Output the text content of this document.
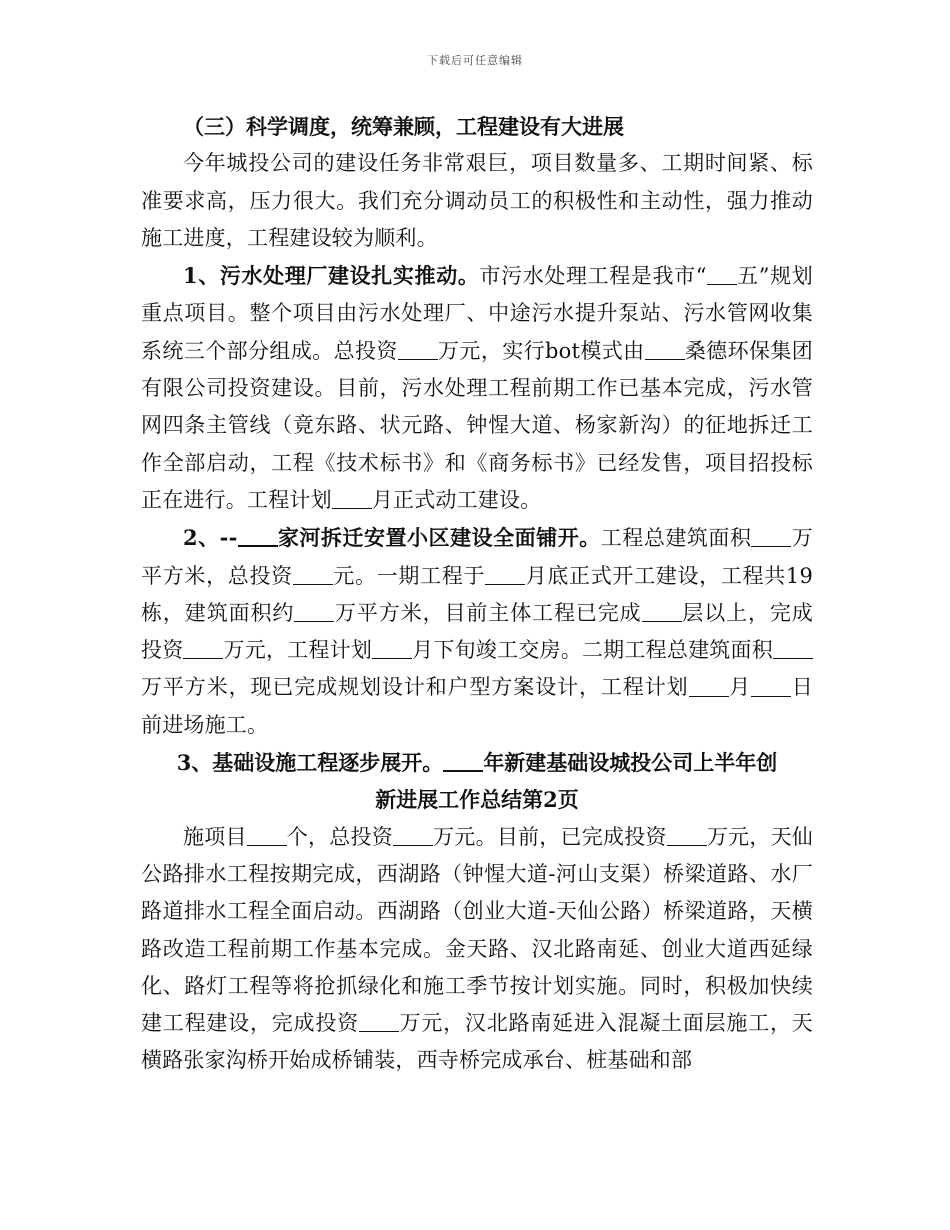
下载后可任意编辑

（三）科学调度，统筹兼顾，工程建设有大进展

今年城投公司的建设任务非常艰巨，项目数量多、工期时间紧、标准要求高，压力很大。我们充分调动员工的积极性和主动性，强力推动施工进度，工程建设较为顺利。

1、污水处理厂建设扎实推动。市污水处理工程是我市“ 五”规划重点项目。整个项目由污水处理厂、中途污水提升泵站、污水管网收集系统三个部分组成。总投资 万元，实行bot模式由 桑德环保集团有限公司投资建设。目前，污水处理工程前期工作已基本完成，污水管网四条主管线（竟东路、状元路、钟惺大道、杨家新沟）的征地拆迁工作全部启动，工程《技术标书》和《商务标书》已经发售，项目招投标正在进行。工程计划 月正式动工建设。

2、-- 家河拆迁安置小区建设全面铺开。工程总建筑面积 万平方米，总投资 元。一期工程于 月底正式开工建设，工程共19栋，建筑面积约 万平方米，目前主体工程已完成 层以上，完成投资 万元，工程计划 月下旬竣工交房。二期工程总建筑面积万平方米，现已完成规划设计和户型方案设计，工程计划 月 日前进场施工。

3、基础设施工程逐步展开。 年新建基础设城投公司上半年创

新进展工作总结第2页

施项目 个，总投资 万元。目前，已完成投资 万元，天仙公路排水工程按期完成，西湖路（钟惺大道-河山支渠）桥梁道路、水厂路道排水工程全面启动。西湖路（创业大道-天仙公路）桥梁道路，天横路改造工程前期工作基本完成。金天路、汉北路南延、创业大道西延绿化、路灯工程等将抢抓绿化和施工季节按计划实施。同时，积极加快续建工程建设，完成投资 万元，汉北路南延进入混凝土面层施工，天横路张家沟桥开始成桥铺装，西寺桥完成承台、桩基础和部
